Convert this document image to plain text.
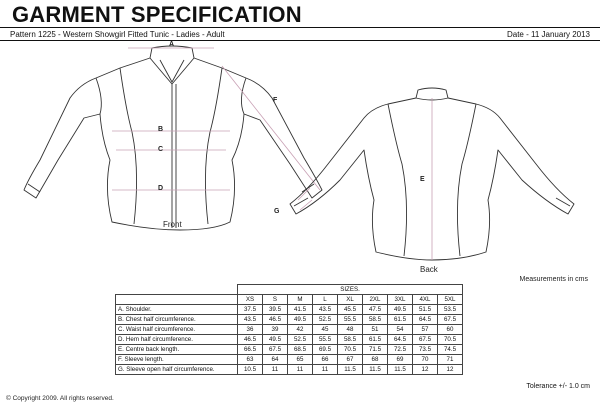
GARMENT SPECIFICATION
Pattern 1225 - Western Showgirl Fitted Tunic - Ladies - Adult	Date - 11 January 2013
A
B
C
D
F
G
Front
E
Back
Measurements in cms
	SIZES.								
	XS	S	M	L	XL	2XL	3XL	4XL	5XL
A. Shoulder.	37.5	39.5	41.5	43.5	45.5	47.5	49.5	51.5	53.5
B. Chest half circumference.	43.5	46.5	49.5	52.5	55.5	58.5	61.5	64.5	67.5
C. Waist half circumference.	36	39	42	45	48	51	54	57	60
D. Hem half circumference.	46.5	49.5	52.5	55.5	58.5	61.5	64.5	67.5	70.5
E. Centre back length.	66.5	67.5	68.5	69.5	70.5	71.5	72.5	73.5	74.5
F. Sleeve length.	63	64	65	66	67	68	69	70	71
G. Sleeve open half circumference.	10.5	11	11	11	11.5	11.5	11.5	12	12
Tolerance +/- 1.0 cm
© Copyright 2009. All rights reserved.
